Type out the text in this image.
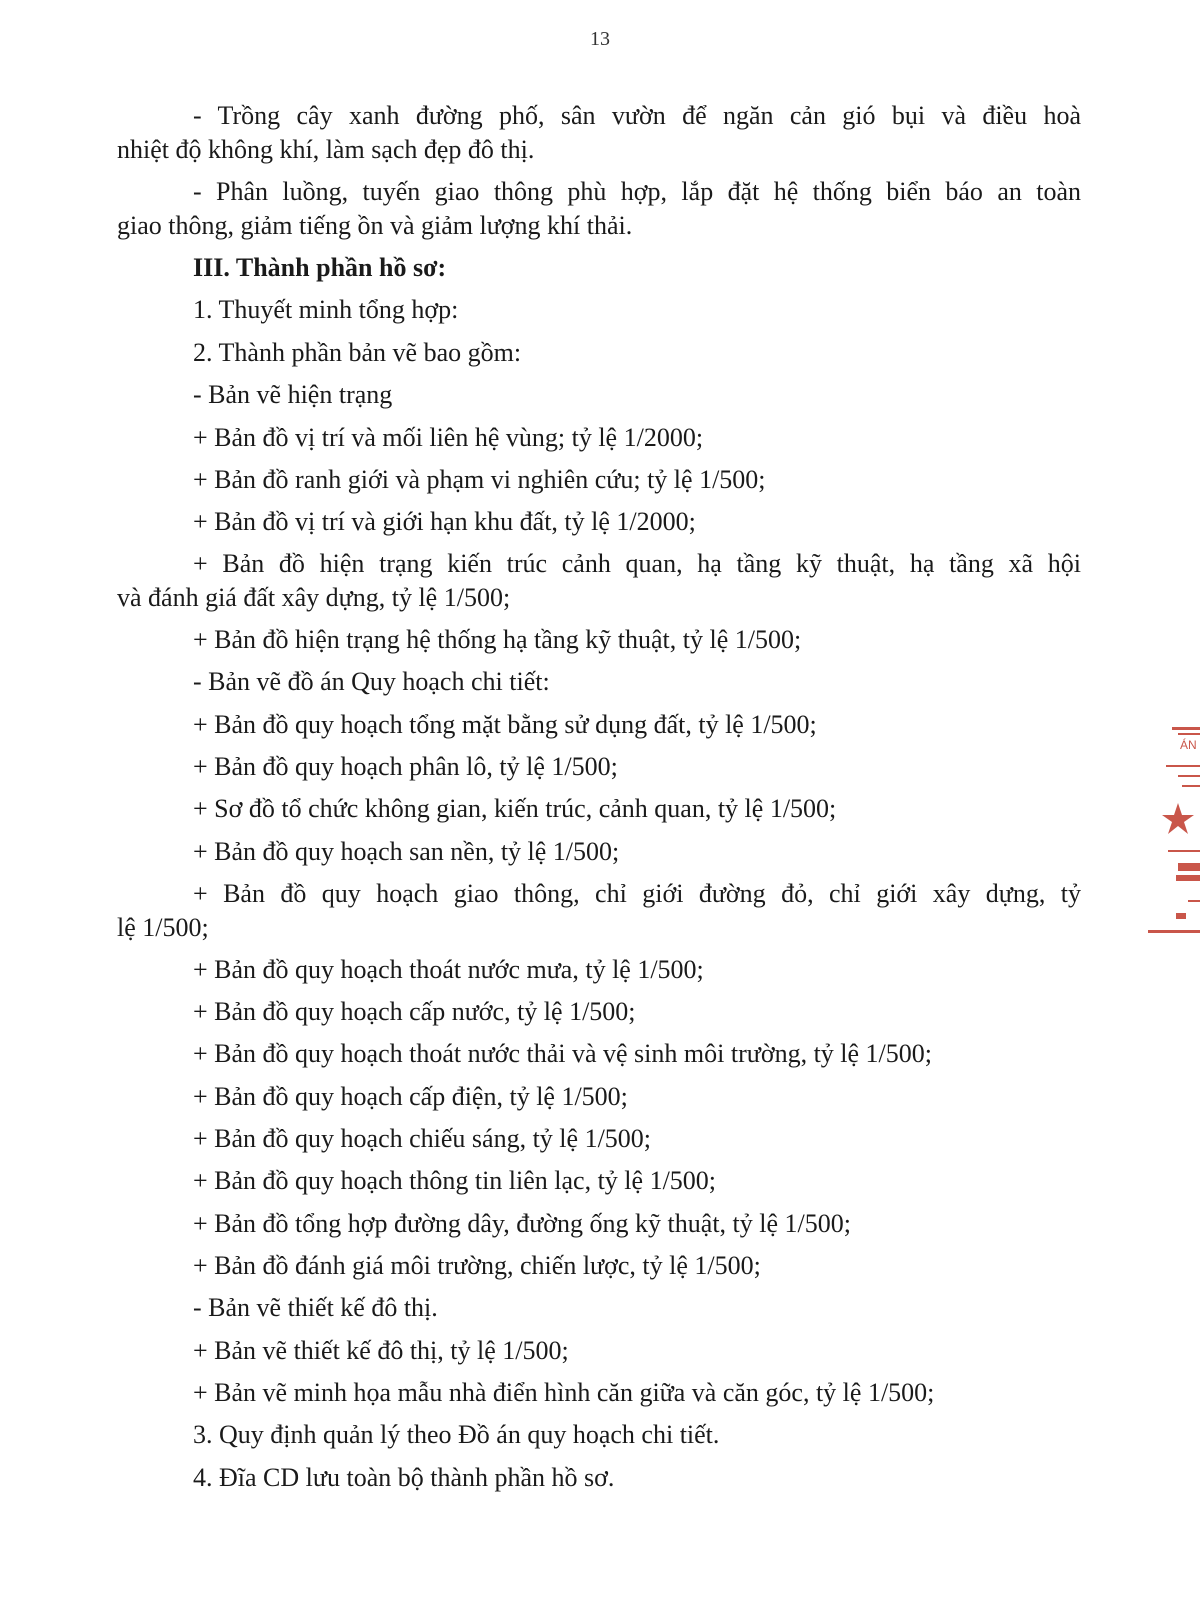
13
- Trồng cây xanh đường phố, sân vườn để ngăn cản gió bụi và điều hoà
nhiệt độ không khí, làm sạch đẹp đô thị.
- Phân luồng, tuyến giao thông phù hợp, lắp đặt hệ thống biển báo an toàn
giao thông, giảm tiếng ồn và giảm lượng khí thải.
III. Thành phần hồ sơ:
1. Thuyết minh tổng hợp:
2. Thành phần bản vẽ bao gồm:
- Bản vẽ hiện trạng
+ Bản đồ vị trí và mối liên hệ vùng; tỷ lệ 1/2000;
+ Bản đồ ranh giới và phạm vi nghiên cứu; tỷ lệ 1/500;
+ Bản đồ vị trí và giới hạn khu đất, tỷ lệ 1/2000;
+ Bản đồ hiện trạng kiến trúc cảnh quan, hạ tầng kỹ thuật, hạ tầng xã hội
và đánh giá đất xây dựng, tỷ lệ 1/500;
+ Bản đồ hiện trạng hệ thống hạ tầng kỹ thuật, tỷ lệ 1/500;
- Bản vẽ đồ án Quy hoạch chi tiết:
+ Bản đồ quy hoạch tổng mặt bằng sử dụng đất, tỷ lệ 1/500;
+ Bản đồ quy hoạch phân lô, tỷ lệ 1/500;
+ Sơ đồ tổ chức không gian, kiến trúc, cảnh quan, tỷ lệ 1/500;
+ Bản đồ quy hoạch san nền, tỷ lệ 1/500;
+ Bản đồ quy hoạch giao thông, chỉ giới đường đỏ, chỉ giới xây dựng, tỷ
lệ 1/500;
+ Bản đồ quy hoạch thoát nước mưa, tỷ lệ 1/500;
+ Bản đồ quy hoạch cấp nước, tỷ lệ 1/500;
+ Bản đồ quy hoạch thoát nước thải và vệ sinh môi trường, tỷ lệ 1/500;
+ Bản đồ quy hoạch cấp điện, tỷ lệ 1/500;
+ Bản đồ quy hoạch chiếu sáng, tỷ lệ 1/500;
+ Bản đồ quy hoạch thông tin liên lạc, tỷ lệ 1/500;
+ Bản đồ tổng hợp đường dây, đường ống kỹ thuật, tỷ lệ 1/500;
+ Bản đồ đánh giá môi trường, chiến lược, tỷ lệ 1/500;
- Bản vẽ thiết kế đô thị.
+ Bản vẽ thiết kế đô thị, tỷ lệ 1/500;
+ Bản vẽ minh họa mẫu nhà điển hình căn giữa và căn góc, tỷ lệ 1/500;
3. Quy định quản lý theo Đồ án quy hoạch chi tiết.
4. Đĩa CD lưu toàn bộ thành phần hồ sơ.
ÁN
